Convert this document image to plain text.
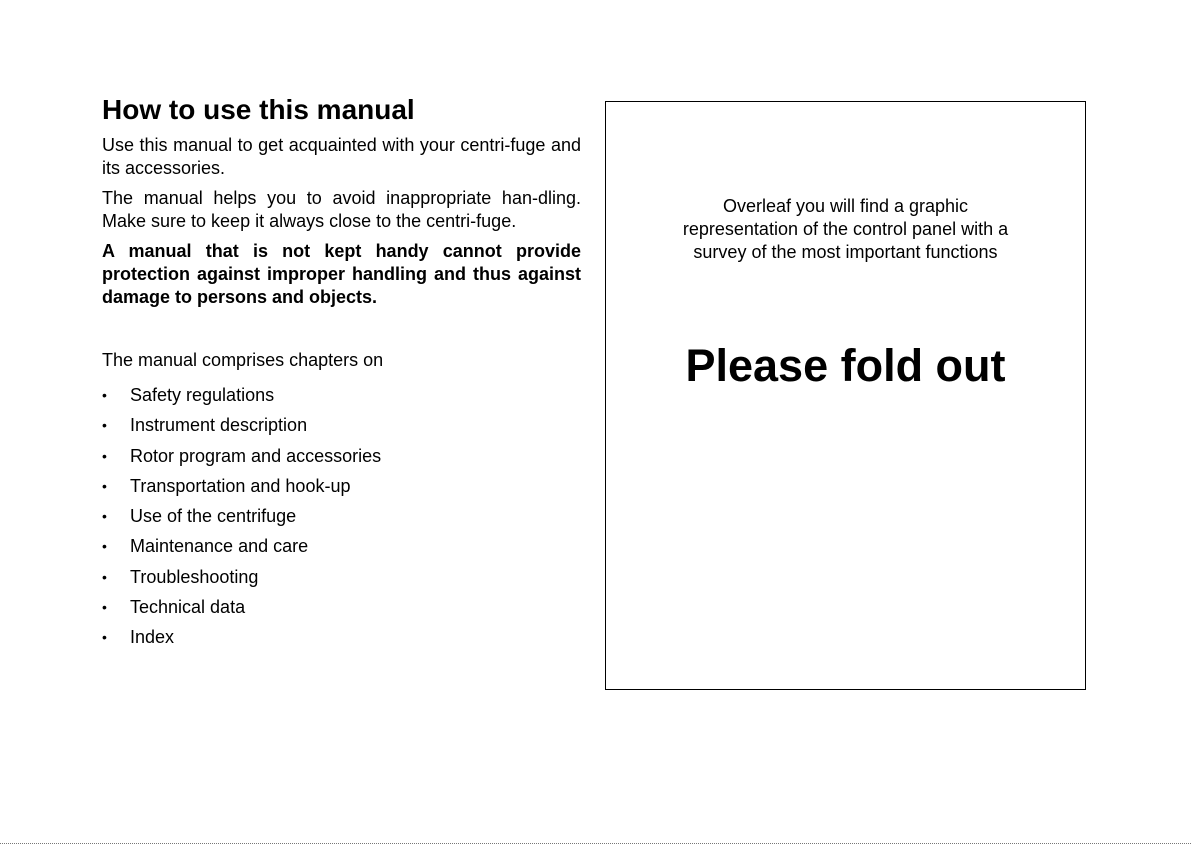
How to use this manual

Use this manual to get acquainted with your centri-fuge and its accessories.

The manual helps you to avoid inappropriate han-dling. Make sure to keep it always close to the centri-fuge.

A manual that is not kept handy cannot provide protection against improper handling and thus against damage to persons and objects.

The manual comprises chapters on

• Safety regulations
• Instrument description
• Rotor program and accessories
• Transportation and hook-up
• Use of the centrifuge
• Maintenance and care
• Troubleshooting
• Technical data
• Index
Overleaf you will find a graphic representation of the control panel with a survey of the most important functions
Please fold out
